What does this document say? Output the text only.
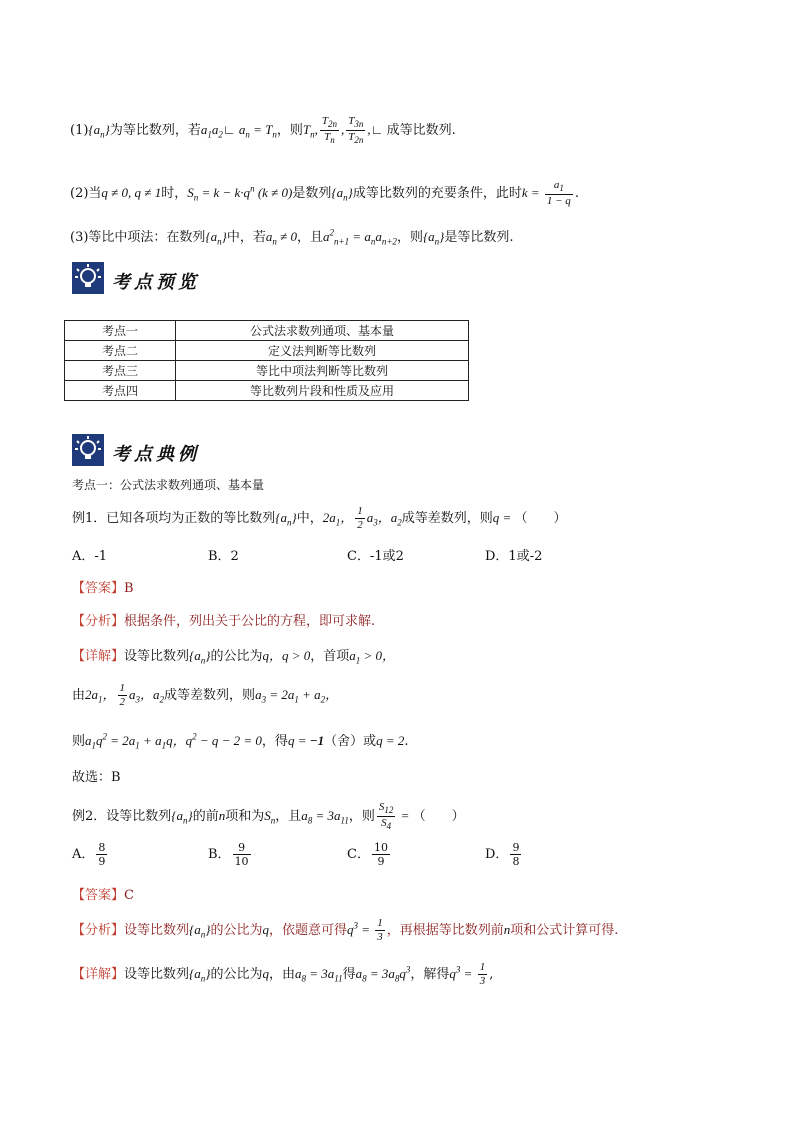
$(1)\{a_n\}$为等比数列，若$a_1a_2∟$ $a_n = T_n$，则$T_n$, $\frac{T_{2n}}{T_n}$ , $\frac{T_{3n}}{T_{2n}}$ ,∟ 成等比数列.
(2)当q ≠ 0, q ≠ 1时，$S_n = k - k\cdot q^n$ (k ≠ 0)是数列$\{a_n\}$成等比数列的充要条件，此时$k = \frac{a_1}{1 - q}$ .
(3)等比中项法：在数列$\{a_n\}$中，若$a_n \ne 0$，且$a^2_{n+1} = a_na_{n+2}$，则$\{a_n\}$是等比数列.
考点预览
考点一	公式法求数列通项、基本量
考点二	定义法判断等比数列
考点三	等比中项法判断等比数列
考点四	等比数列片段和性质及应用
考点典例
考点一：公式法求数列通项、基本量
例1．已知各项均为正数的等比数列$\{a_n\}$中，$2a_1$， $\frac{1}{2} a_3$，$a_2$成等差数列，则q = （　　）
A．-1	B．2	C．-1或2	D．1或-2
【答案】B
【分析】根据条件，列出关于公比的方程，即可求解.
【详解】设等比数列$\{a_n\}$的公比为q，q > 0，首项$a_1 > 0$，
由$2a_1$， $\frac{1}{2} a_3$，$a_2$成等差数列，则$a_3 = 2a_1 + a_2$，
则$a_1q^2 = 2a_1 + a_1q$，$q^2 - q - 2 = 0$，得q = −1（舍）或q = 2.
故选：B
例2．设等比数列$\{a_n\}$的前n项和为$S_n$，且$a_8 = 3a_{11}$，则 $\frac{S_{12}}{S_4}$ = （　　）
A． $\frac{8}{9}$	B． $\frac{9}{10}$	C． $\frac{10}{9}$	D． $\frac{9}{8}$
【答案】C
【分析】设等比数列$\{a_n\}$的公比为q，依题意可得$q^3 = \frac{1}{3}$ ，再根据等比数列前n项和公式计算可得.
【详解】设等比数列$\{a_n\}$的公比为q，由$a_8 = 3a_{11}$得$a_8 = 3a_8q^3$，解得$q^3 = \frac{1}{3}$ ,
